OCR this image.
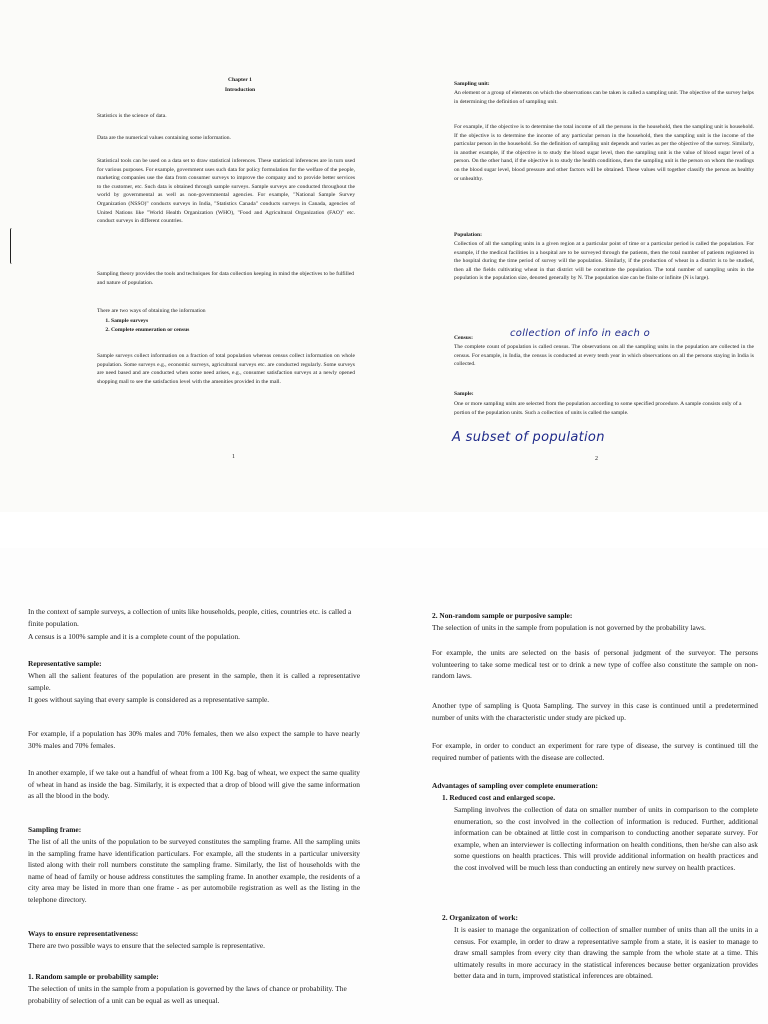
Chapter 1
Introduction
Statistics is the science of data.
Data are the numerical values containing some information.
Statistical tools can be used on a data set to draw statistical inferences. These statistical inferences are in turn used for various purposes. For example, government uses such data for policy formulation for the welfare of the people, marketing companies use the data from consumer surveys to improve the company and to provide better services to the customer, etc. Such data is obtained through sample surveys. Sample surveys are conducted throughout the world by governmental as well as non-governmental agencies. For example, "National Sample Survey Organization (NSSO)" conducts surveys in India, "Statistics Canada" conducts surveys in Canada, agencies of United Nations like "World Health Organization (WHO), "Food and Agricultural Organization (FAO)" etc. conduct surveys in different countries.
Sampling theory provides the tools and techniques for data collection keeping in mind the objectives to be fulfilled and nature of population.
There are two ways of obtaining the information
1. Sample surveys
2. Complete enumeration or census
Sample surveys collect information on a fraction of total population whereas census collect information on whole population. Some surveys e.g., economic surveys, agricultural surveys etc. are conducted regularly. Some surveys are need based and are conducted when some need arises, e.g., consumer satisfaction surveys at a newly opened shopping mall to see the satisfaction level with the amenities provided in the mall.
1
Sampling unit:
An element or a group of elements on which the observations can be taken is called a sampling unit. The objective of the survey helps in determining the definition of sampling unit.
For example, if the objective is to determine the total income of all the persons in the household, then the sampling unit is household. If the objective is to determine the income of any particular person in the household, then the sampling unit is the income of the particular person in the household. So the definition of sampling unit depends and varies as per the objective of the survey. Similarly, in another example, if the objective is to study the blood sugar level, then the sampling unit is the value of blood sugar level of a person. On the other hand, if the objective is to study the health conditions, then the sampling unit is the person on whom the readings on the blood sugar level, blood pressure and other factors will be obtained. These values will together classify the person as healthy or unhealthy.
Population:
Collection of all the sampling units in a given region at a particular point of time or a particular period is called the population. For example, if the medical facilities in a hospital are to be surveyed through the patients, then the total number of patients registered in the hospital during the time period of survey will the population. Similarly, if the production of wheat in a district is to be studied, then all the fields cultivating wheat in that district will be constitute the population. The total number of sampling units in the population is the population size, denoted generally by N. The population size can be finite or infinite (N is large).
Census:	collection of info in each o
The complete count of population is called census. The observations on all the sampling units in the population are collected in the census. For example, in India, the census is conducted at every tenth year in which observations on all the persons staying in India is collected.
Sample:
One or more sampling units are selected from the population according to some specified procedure. A sample consists only of a portion of the population units. Such a collection of units is called the sample.
A subset of population
2
In the context of sample surveys, a collection of units like households, people, cities, countries etc. is called a finite population.
A census is a 100% sample and it is a complete count of the population.
Representative sample:
When all the salient features of the population are present in the sample, then it is called a representative sample.
It goes without saying that every sample is considered as a representative sample.
For example, if a population has 30% males and 70% females, then we also expect the sample to have nearly 30% males and 70% females.
In another example, if we take out a handful of wheat from a 100 Kg. bag of wheat, we expect the same quality of wheat in hand as inside the bag. Similarly, it is expected that a drop of blood will give the same information as all the blood in the body.
Sampling frame:
The list of all the units of the population to be surveyed constitutes the sampling frame. All the sampling units in the sampling frame have identification particulars. For example, all the students in a particular university listed along with their roll numbers constitute the sampling frame. Similarly, the list of households with the name of head of family or house address constitutes the sampling frame. In another example, the residents of a city area may be listed in more than one frame - as per automobile registration as well as the listing in the telephone directory.
Ways to ensure representativeness:
There are two possible ways to ensure that the selected sample is representative.
1. Random sample or probability sample:
The selection of units in the sample from a population is governed by the laws of chance or probability. The probability of selection of a unit can be equal as well as unequal.
2. Non-random sample or purposive sample:
The selection of units in the sample from population is not governed by the probability laws.
For example, the units are selected on the basis of personal judgment of the surveyor. The persons volunteering to take some medical test or to drink a new type of coffee also constitute the sample on non-random laws.
Another type of sampling is Quota Sampling. The survey in this case is continued until a predetermined number of units with the characteristic under study are picked up.
For example, in order to conduct an experiment for rare type of disease, the survey is continued till the required number of patients with the disease are collected.
Advantages of sampling over complete enumeration:
1. Reduced cost and enlarged scope.
Sampling involves the collection of data on smaller number of units in comparison to the complete enumeration, so the cost involved in the collection of information is reduced. Further, additional information can be obtained at little cost in comparison to conducting another separate survey. For example, when an interviewer is collecting information on health conditions, then he/she can also ask some questions on health practices. This will provide additional information on health practices and the cost involved will be much less than conducting an entirely new survey on health practices.
2. Organizaton of work:
It is easier to manage the organization of collection of smaller number of units than all the units in a census. For example, in order to draw a representative sample from a state, it is easier to manage to draw small samples from every city than drawing the sample from the whole state at a time. This ultimately results in more accuracy in the statistical inferences because better organization provides better data and in turn, improved statistical inferences are obtained.
